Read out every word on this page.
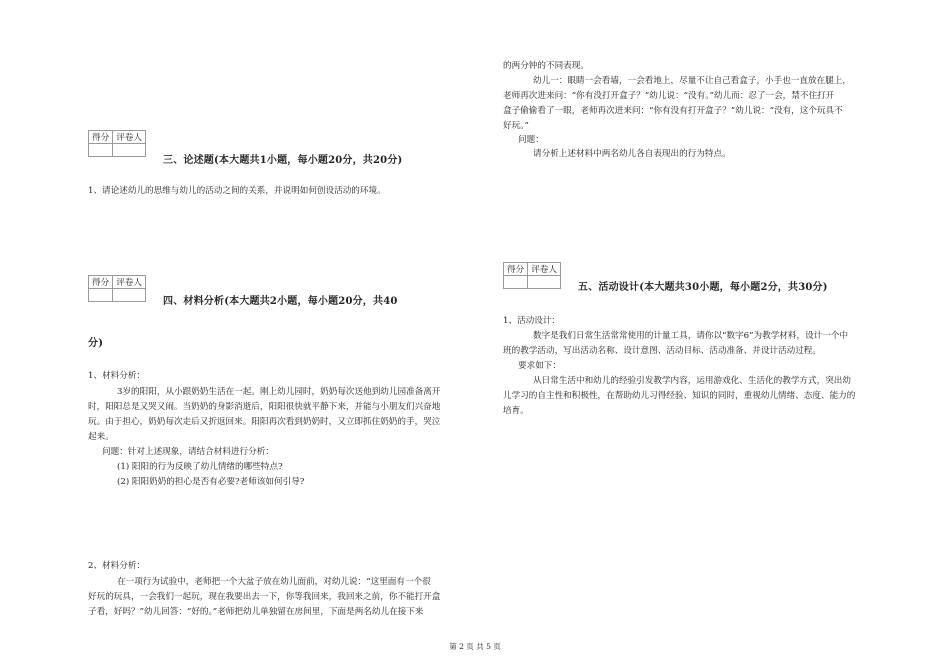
得分	评卷人

三、论述题(本大题共1小题，每小题20分，共20分)
1、请论述幼儿的思维与幼儿的活动之间的关系，并说明如何创设活动的环境。
得分	评卷人

四、材料分析(本大题共2小题，每小题20分，共40
分)
1、材料分析：
3岁的阳阳，从小跟奶奶生活在一起。刚上幼儿园时，奶奶每次送他到幼儿园准备离开
时，阳阳总是又哭又闹。当奶奶的身影消逝后，阳阳很快就平静下来，并能与小朋友们兴奋地
玩。由于担心，奶奶每次走后又折返回来。阳阳再次看到奶奶时，又立即抓住奶奶的手，哭泣
起来。
问题：针对上述现象，请结合材料进行分析：
(1) 阳阳的行为反映了幼儿情绪的哪些特点?
(2) 阳阳奶奶的担心是否有必要?老师该如何引导?
2、材料分析：
在一项行为试验中，老师把一个大盆子放在幼儿面前，对幼儿说：“这里面有一个很
好玩的玩具，一会我们一起玩，现在我要出去一下，你等我回来，我回来之前，你不能打开盒
子看，好吗？”幼儿回答：“好的。”老师把幼儿单独留在房间里，下面是两名幼儿在接下来
的两分钟的不同表现。
幼儿一：眼睛一会看墙，一会看地上，尽量不让自己看盒子，小手也一直放在腿上，
老师再次进来问：“你有没打开盒子？”幼儿说：“没有。”幼儿而：忍了一会，禁不住打开
盒子偷偷看了一眼，老师再次进来问：“你有没有打开盒子？”幼儿说：“没有，这个玩具不
好玩。”
问题：
请分析上述材料中两名幼儿各自表现出的行为特点。
得分	评卷人

五、活动设计(本大题共30小题，每小题2分，共30分)
1、活动设计：
数字是我们日常生活常常使用的计量工具，请你以“数字6”为教学材料，设计一个中
班的教学活动，写出活动名称、设计意图、活动目标、活动准备、并设计活动过程。
要求如下：
从日常生活中和幼儿的经验引发教学内容，运用游戏化、生活化的教学方式，突出幼
儿学习的自主性和积极性，在帮助幼儿习得经验、知识的同时，重视幼儿情绪、态度、能力的
培育。
第 2 页 共 5 页
